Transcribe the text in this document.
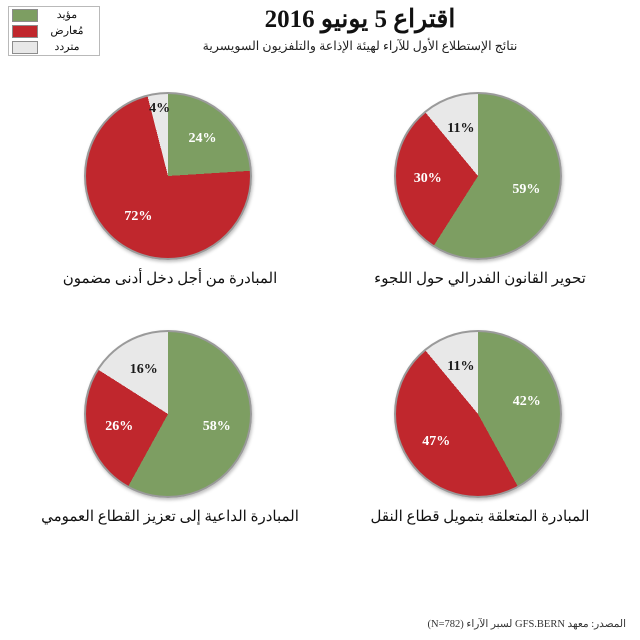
مؤيد
مُعارض
متردد
اقتراع 5 يونيو 2016
نتائج الإستطلاع الأول للآراء لهيئة الإذاعة والتلفزيون السويسرية
59%
30%
11%
تحوير القانون الفدرالي حول اللجوء
24%
72%
4%
المبادرة من أجل دخل أدنى مضمون
42%
47%
11%
المبادرة المتعلقة بتمويل قطاع النقل
58%
26%
16%
المبادرة الداعية إلى تعزيز القطاع العمومي
المصدر: معهد GFS.BERN لسبر الآراء (N=782)
